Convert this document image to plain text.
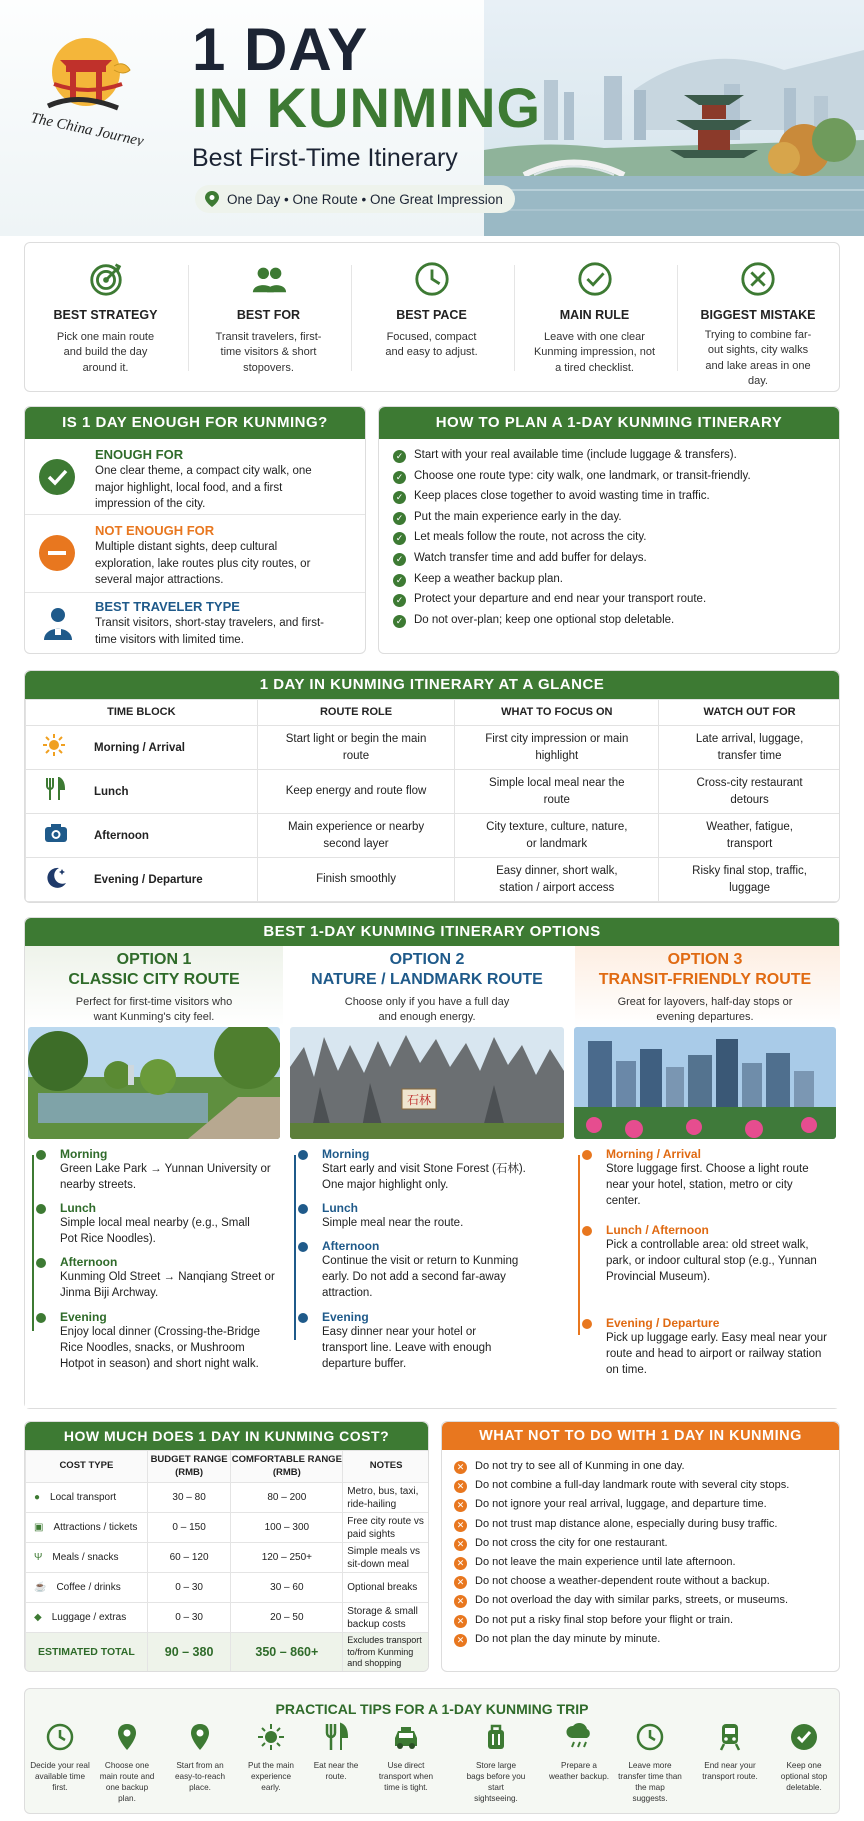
The China Journey
1 DAY
IN KUNMING
Best First-Time Itinerary
One Day • One Route • One Great Impression
BEST STRATEGY
Pick one main route and build the day around it.
BEST FOR
Transit travelers, first-time visitors & short stopovers.
BEST PACE
Focused, compact and easy to adjust.
MAIN RULE
Leave with one clear Kunming impression, not a tired checklist.
BIGGEST MISTAKE
Trying to combine far-out sights, city walks and lake areas in one day.
IS 1 DAY ENOUGH FOR KUNMING?
ENOUGH FOR
One clear theme, a compact city walk, one major highlight, local food, and a first impression of the city.
NOT ENOUGH FOR
Multiple distant sights, deep cultural exploration, lake routes plus city routes, or several major attractions.
BEST TRAVELER TYPE
Transit visitors, short-stay travelers, and first-time visitors with limited time.
HOW TO PLAN A 1-DAY KUNMING ITINERARY
✓ Start with your real available time (include luggage & transfers).
✓ Choose one route type: city walk, one landmark, or transit-friendly.
✓ Keep places close together to avoid wasting time in traffic.
✓ Put the main experience early in the day.
✓ Let meals follow the route, not across the city.
✓ Watch transfer time and add buffer for delays.
✓ Keep a weather backup plan.
✓ Protect your departure and end near your transport route.
✓ Do not over-plan; keep one optional stop deletable.
1 DAY IN KUNMING ITINERARY AT A GLANCE
TIME BLOCK	ROUTE ROLE	WHAT TO FOCUS ON	WATCH OUT FOR
Morning / Arrival	Start light or begin the main route	First city impression or main highlight	Late arrival, luggage, transfer time
Lunch	Keep energy and route flow	Simple local meal near the route	Cross-city restaurant detours
Afternoon	Main experience or nearby second layer	City texture, culture, nature, or landmark	Weather, fatigue, transport
Evening / Departure	Finish smoothly	Easy dinner, short walk, station / airport access	Risky final stop, traffic, luggage
BEST 1-DAY KUNMING ITINERARY OPTIONS
OPTION 1
CLASSIC CITY ROUTE
Perfect for first-time visitors who want Kunming's city feel.
Morning
Green Lake Park → Yunnan University or nearby streets.
Lunch
Simple local meal nearby (e.g., Small Pot Rice Noodles).
Afternoon
Kunming Old Street → Nanqiang Street or Jinma Biji Archway.
Evening
Enjoy local dinner (Crossing-the-Bridge Rice Noodles, snacks, or Mushroom Hotpot in season) and short night walk.
OPTION 2
NATURE / LANDMARK ROUTE
Choose only if you have a full day and enough energy.
石林
Morning
Start early and visit Stone Forest (石林). One major highlight only.
Lunch
Simple meal near the route.
Afternoon
Continue the visit or return to Kunming early. Do not add a second far-away attraction.
Evening
Easy dinner near your hotel or transport line. Leave with enough departure buffer.
OPTION 3
TRANSIT-FRIENDLY ROUTE
Great for layovers, half-day stops or evening departures.
Morning / Arrival
Store luggage first. Choose a light route near your hotel, station, metro or city center.
Lunch / Afternoon
Pick a controllable area: old street walk, park, or indoor cultural stop (e.g., Yunnan Provincial Museum).
Evening / Departure
Pick up luggage early. Easy meal near your route and head to airport or railway station on time.
HOW MUCH DOES 1 DAY IN KUNMING COST?
COST TYPE	BUDGET RANGE (RMB)	COMFORTABLE RANGE (RMB)	NOTES
● Local transport	30 – 80	80 – 200	Metro, bus, taxi, ride-hailing
▣ Attractions / tickets	0 – 150	100 – 300	Free city route vs paid sights
Ψ Meals / snacks	60 – 120	120 – 250+	Simple meals vs sit-down meal
☕ Coffee / drinks	0 – 30	30 – 60	Optional breaks
◆ Luggage / extras	0 – 30	20 – 50	Storage & small backup costs
ESTIMATED TOTAL	90 – 380	350 – 860+	Excludes transport to/from Kunming and shopping
WHAT NOT TO DO WITH 1 DAY IN KUNMING
✕ Do not try to see all of Kunming in one day.
✕ Do not combine a full-day landmark route with several city stops.
✕ Do not ignore your real arrival, luggage, and departure time.
✕ Do not trust map distance alone, especially during busy traffic.
✕ Do not cross the city for one restaurant.
✕ Do not leave the main experience until late afternoon.
✕ Do not choose a weather-dependent route without a backup.
✕ Do not overload the day with similar parks, streets, or museums.
✕ Do not put a risky final stop before your flight or train.
✕ Do not plan the day minute by minute.
PRACTICAL TIPS FOR A 1-DAY KUNMING TRIP
Decide your real available time first.
Choose one main route and one backup plan.
Start from an easy-to-reach place.
Put the main experience early.
Eat near the route.
Use direct transport when time is tight.
Store large bags before you start sightseeing.
Prepare a weather backup.
Leave more transfer time than the map suggests.
End near your transport route.
Keep one optional stop deletable.
